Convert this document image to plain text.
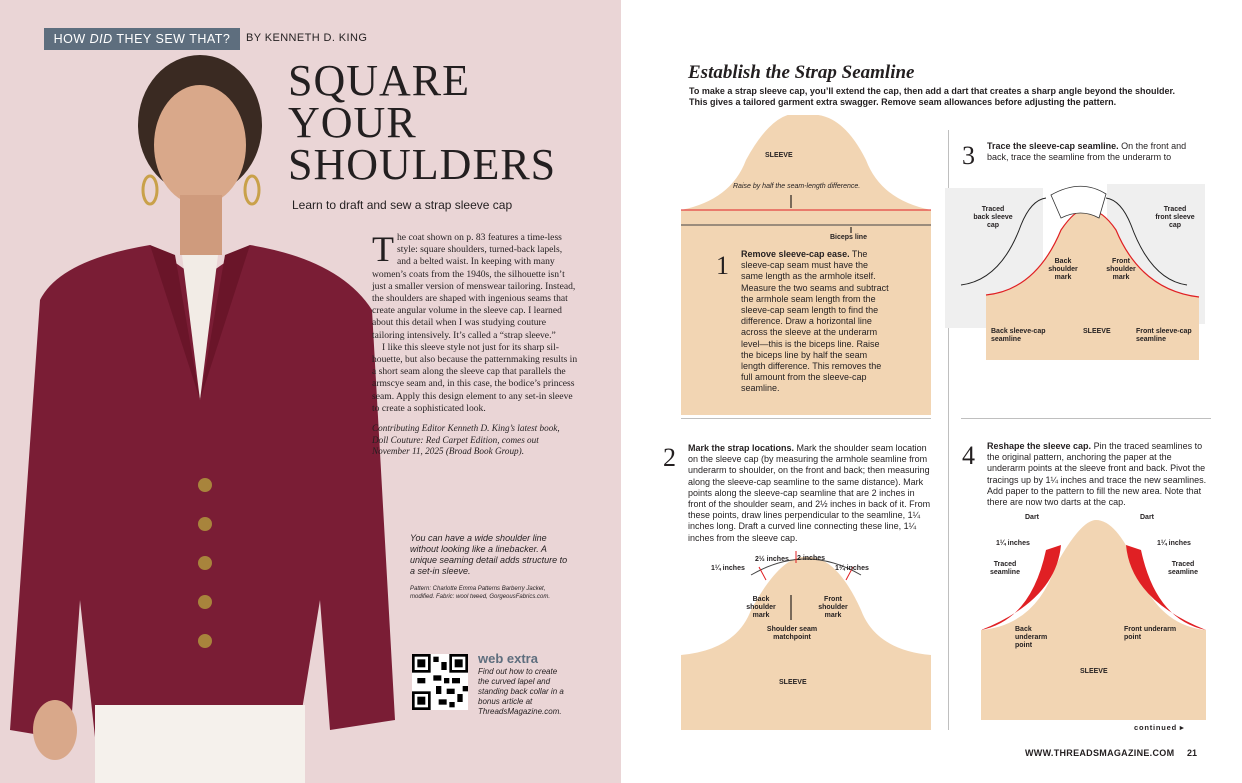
HOW DID THEY SEW THAT?	BY KENNETH D. KING
SQUARE
YOUR
SHOULDERS
Learn to draft and sew a strap sleeve cap

The coat shown on p. 83 features a time-less style: square shoulders, turned-back lapels, and a belted waist. In keeping with many women’s coats from the 1940s, the silhouette isn’t just a smaller version of menswear tailoring. Instead, the shoulders are shaped with ingenious seams that create angular volume in the sleeve cap. I learned about this detail when I was studying couture tailoring intensively. It’s called a “strap sleeve.”

I like this sleeve style not just for its sharp sil-houette, but also because the patternmaking results in a short seam along the sleeve cap that parallels the armscye seam and, in this case, the bodice’s princess seam. Apply this design element to any set-in sleeve to create a sophisticated look.

Contributing Editor Kenneth D. King’s latest book, Doll Couture: Red Carpet Edition, comes out November 11, 2025 (Broad Book Group).

You can have a wide shoulder line without looking like a linebacker. A unique seaming detail adds structure to a set-in sleeve.
Pattern: Charlotte Emma Patterns Barberry Jacket, modified. Fabric: wool tweed, GorgeousFabrics.com.
web extra
Find out how to create the curved lapel and standing back collar in a bonus article at ThreadsMagazine.com.
Establish the Strap Seamline
To make a strap sleeve cap, you’ll extend the cap, then add a dart that creates a sharp angle beyond the shoulder. This gives a tailored garment extra swagger. Remove seam allowances before adjusting the pattern.
SLEEVE
Raise by half the seam-length difference.
Biceps line
1 Remove sleeve-cap ease. The sleeve-cap seam must have the same length as the armhole itself. Measure the two seams and subtract the armhole seam length from the sleeve-cap seam length to find the difference. Draw a horizontal line across the sleeve at the underarm level—this is the biceps line. Raise the biceps line by half the seam length difference. This removes the full amount from the sleeve-cap seamline.
2 Mark the strap locations. Mark the shoulder seam location on the sleeve cap (by measuring the armhole seamline from underarm to shoulder, on the front and back; then measuring along the sleeve-cap seamline to the same distance). Mark points along the sleeve-cap seamline that are 2 inches in front of the shoulder seam, and 2½ inches in back of it. From these points, draw lines perpendicular to the seamline, 1¼ inches long. Draft a curved line connecting these line, 1¼ inches from the sleeve cap.
1¼ inches
2½ inches 2 inches
1¼ inches
Back shoulder mark
Shoulder seam matchpoint
Front shoulder mark
SLEEVE
3 Trace the sleeve-cap seamline. On the front and back, trace the seamline from the underarm to
Traced back sleeve cap
Traced front sleeve cap
Back shoulder mark
Front shoulder mark
Back sleeve-cap seamline
SLEEVE	Front sleeve-cap seamline
4 Reshape the sleeve cap. Pin the traced seamlines to the original pattern, anchoring the paper at the underarm points at the sleeve front and back. Pivot the tracings up by 1¼ inches and trace the new seamlines. Add paper to the pattern to fill the new area. Note that there are now two darts at the cap.
Dart	Dart
1¼ inches	1¼ inches
Traced seamline
Traced seamline
Back underarm point
Front underarm point
SLEEVE
continued ▸
WWW.THREADSMAGAZINE.COM 21
